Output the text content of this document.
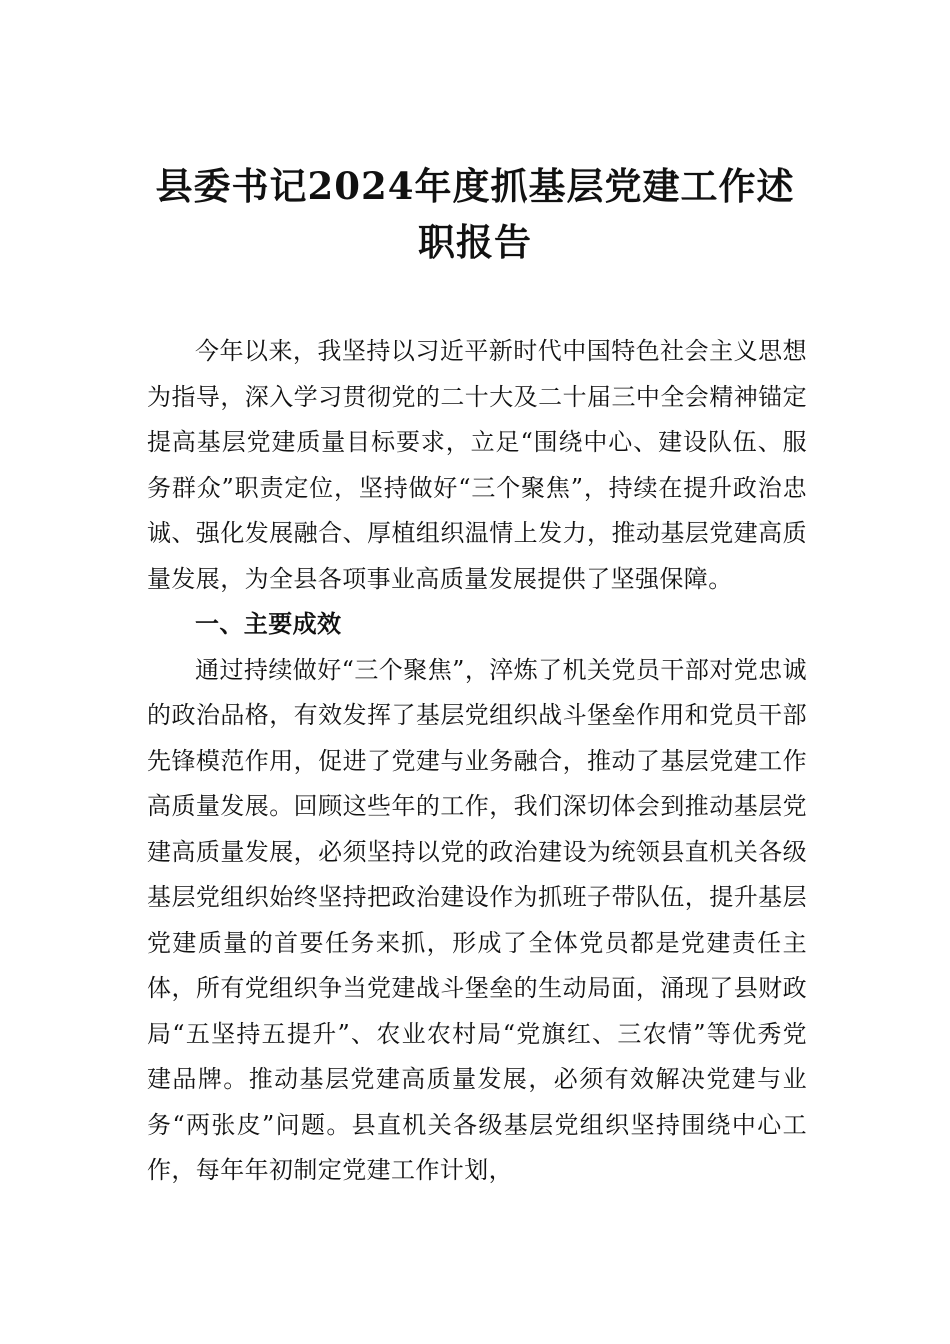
县委书记2024年度抓基层党建工作述职报告

今年以来，我坚持以习近平新时代中国特色社会主义思想为指导，深入学习贯彻党的二十大及二十届三中全会精神锚定提高基层党建质量目标要求，立足“围绕中心、建设队伍、服务群众”职责定位，坚持做好“三个聚焦”，持续在提升政治忠诚、强化发展融合、厚植组织温情上发力，推动基层党建高质量发展，为全县各项事业高质量发展提供了坚强保障。

一、主要成效

通过持续做好“三个聚焦”，淬炼了机关党员干部对党忠诚的政治品格，有效发挥了基层党组织战斗堡垒作用和党员干部先锋模范作用，促进了党建与业务融合，推动了基层党建工作高质量发展。回顾这些年的工作，我们深切体会到推动基层党建高质量发展，必须坚持以党的政治建设为统领县直机关各级基层党组织始终坚持把政治建设作为抓班子带队伍，提升基层党建质量的首要任务来抓，形成了全体党员都是党建责任主体，所有党组织争当党建战斗堡垒的生动局面，涌现了县财政局“五坚持五提升”、农业农村局“党旗红、三农情”等优秀党建品牌。推动基层党建高质量发展，必须有效解决党建与业务“两张皮”问题。县直机关各级基层党组织坚持围绕中心工作，每年年初制定党建工作计划，
